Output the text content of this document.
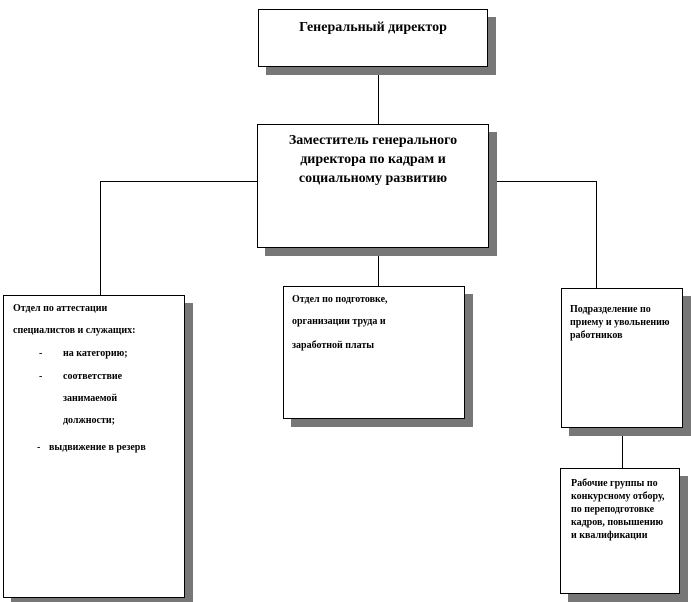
Генеральный директор
Заместитель генерального директора по кадрам и социальному развитию
Отдел по аттестации
специалистов и служащих:
- на категорию;
- соответствие
занимаемой
должности;
- выдвижение в резерв
Отдел по подготовке,
организации труда и
заработной платы
Подразделение по приему и увольнению работников
Рабочие группы по конкурсному отбору, по переподготовке кадров, повышению и квалификации
